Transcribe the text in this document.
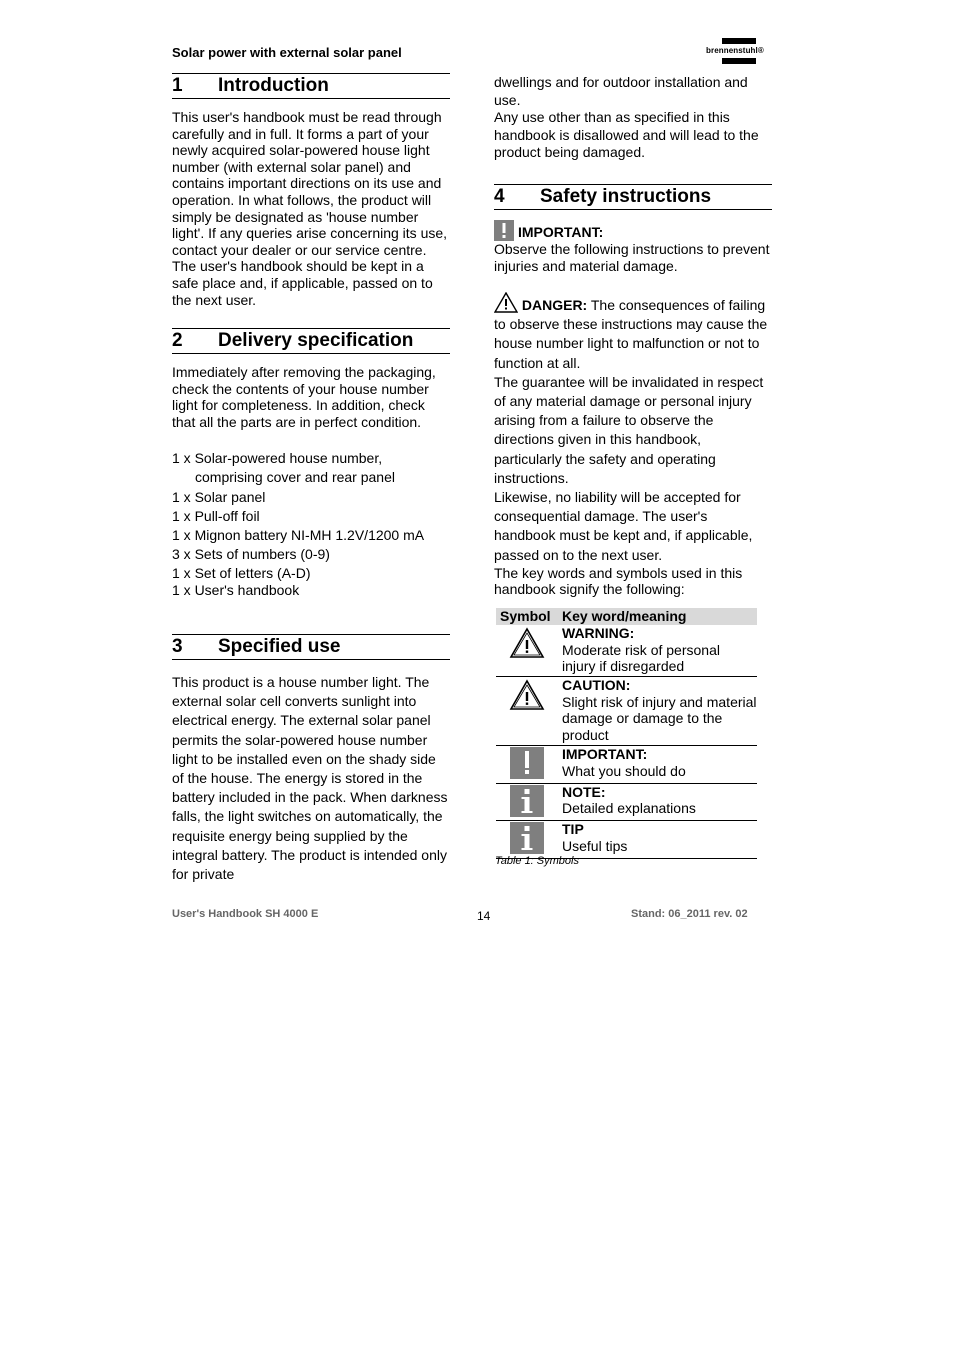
Solar power with external solar panel	brennenstuhl®
1 Introduction

This user's handbook must be read through carefully and in full. It forms a part of your newly acquired solar-powered house light number (with external solar panel) and contains important directions on its use and operation. In what follows, the product will simply be designated as 'house number light'. If any queries arise concerning its use, contact your dealer or our service centre. The user's handbook should be kept in a safe place and, if applicable, passed on to the next user.

2 Delivery specification

Immediately after removing the packaging, check the contents of your house number light for completeness. In addition, check that all the parts are in perfect condition.

1 x Solar-powered house number,

comprising cover and rear panel

1 x Solar panel

1 x Pull-off foil

1 x Mignon battery NI-MH 1.2V/1200 mA

3 x Sets of numbers (0-9)

1 x Set of letters (A-D)

1 x User's handbook

3 Specified use

This product is a house number light. The external solar cell converts sunlight into electrical energy. The external solar panel permits the solar-powered house number light to be installed even on the shady side of the house. The energy is stored in the battery included in the pack. When darkness falls, the light switches on automatically, the requisite energy being supplied by the integral battery. The product is intended only for private

dwellings and for outdoor installation and use.

Any use other than as specified in this handbook is disallowed and will lead to the product being damaged.

4 Safety instructions
IMPORTANT:

Observe the following instructions to prevent injuries and material damage.

DANGER: The consequences of failing to observe these instructions may cause the house number light to malfunction or not to function at all.

The guarantee will be invalidated in respect of any material damage or personal injury arising from a failure to observe the directions given in this handbook, particularly the safety and operating instructions.

Likewise, no liability will be accepted for consequential damage. The user's handbook must be kept and, if applicable, passed on to the next user.

The key words and symbols used in this handbook signify the following:

Symbol	Key word/meaning
	WARNING:
Moderate risk of personal injury if disregarded
	CAUTION:
Slight risk of injury and material damage or damage to the product
	IMPORTANT:
What you should do
	NOTE:
Detailed explanations
	TIP
Useful tips
Table 1: Symbols
User's Handbook SH 4000 E	14	Stand: 06_2011 rev. 02
